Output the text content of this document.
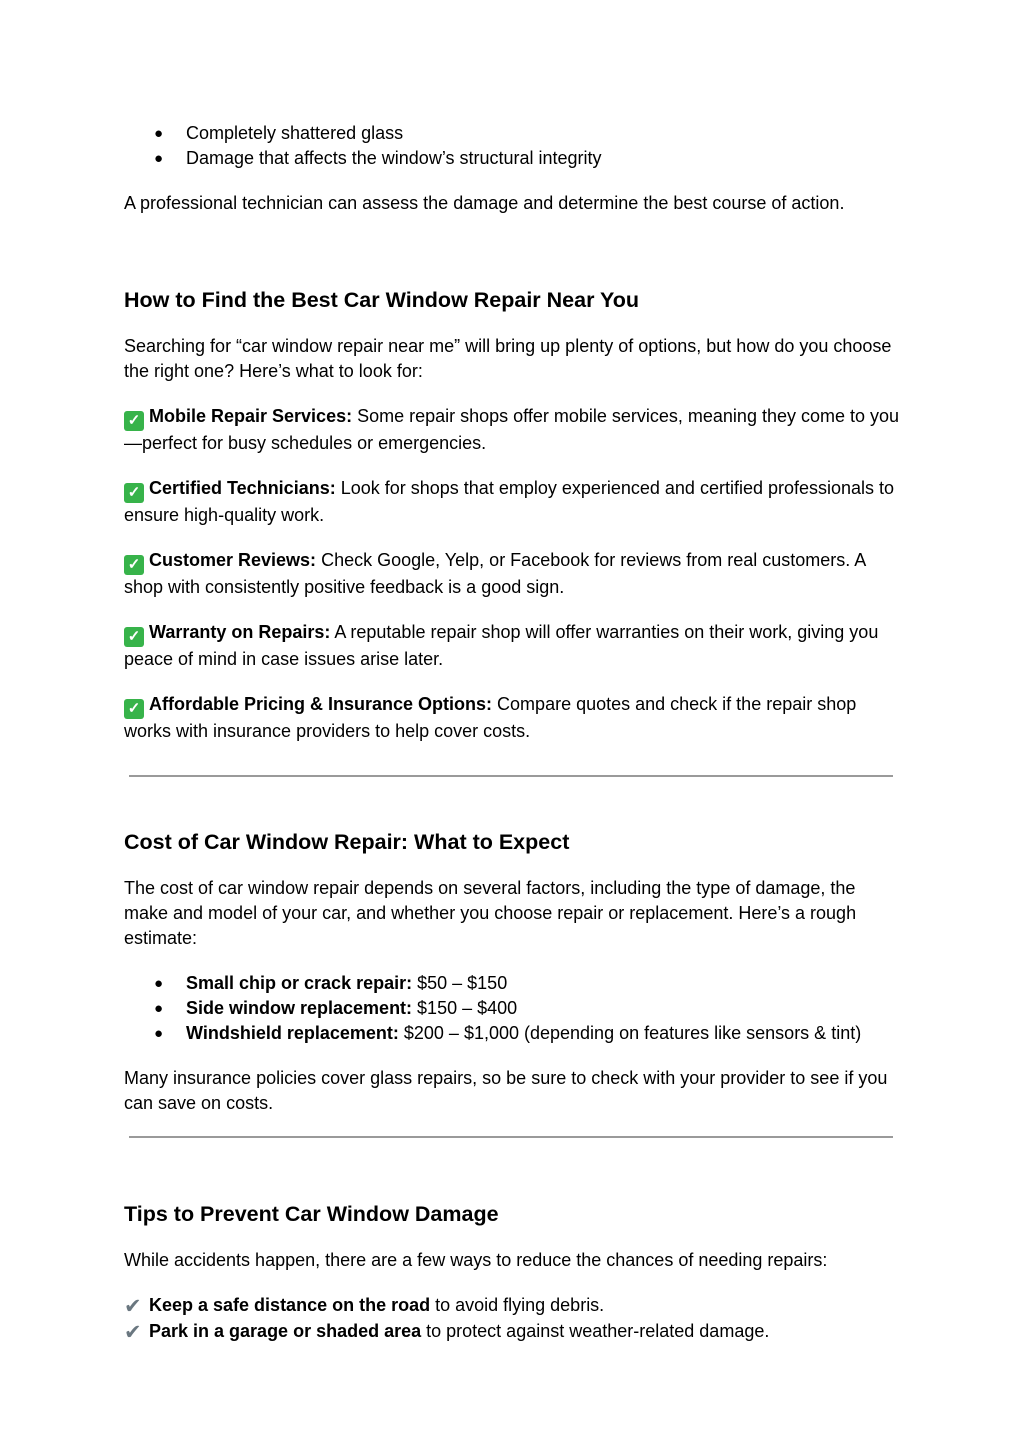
● Completely shattered glass
● Damage that affects the window’s structural integrity

A professional technician can assess the damage and determine the best course of action.

How to Find the Best Car Window Repair Near You

Searching for “car window repair near me” will bring up plenty of options, but how do you choose the right one? Here’s what to look for:

✓ Mobile Repair Services: Some repair shops offer mobile services, meaning they come to you—perfect for busy schedules or emergencies.

✓ Certified Technicians: Look for shops that employ experienced and certified professionals to ensure high-quality work.

✓ Customer Reviews: Check Google, Yelp, or Facebook for reviews from real customers. A shop with consistently positive feedback is a good sign.

✓ Warranty on Repairs: A reputable repair shop will offer warranties on their work, giving you peace of mind in case issues arise later.

✓ Affordable Pricing & Insurance Options: Compare quotes and check if the repair shop works with insurance providers to help cover costs.

Cost of Car Window Repair: What to Expect

The cost of car window repair depends on several factors, including the type of damage, the make and model of your car, and whether you choose repair or replacement. Here’s a rough estimate:

● Small chip or crack repair: $50 – $150
● Side window replacement: $150 – $400
● Windshield replacement: $200 – $1,000 (depending on features like sensors & tint)

Many insurance policies cover glass repairs, so be sure to check with your provider to see if you can save on costs.

Tips to Prevent Car Window Damage

While accidents happen, there are a few ways to reduce the chances of needing repairs:

✔ Keep a safe distance on the road to avoid flying debris.

✔ Park in a garage or shaded area to protect against weather-related damage.
